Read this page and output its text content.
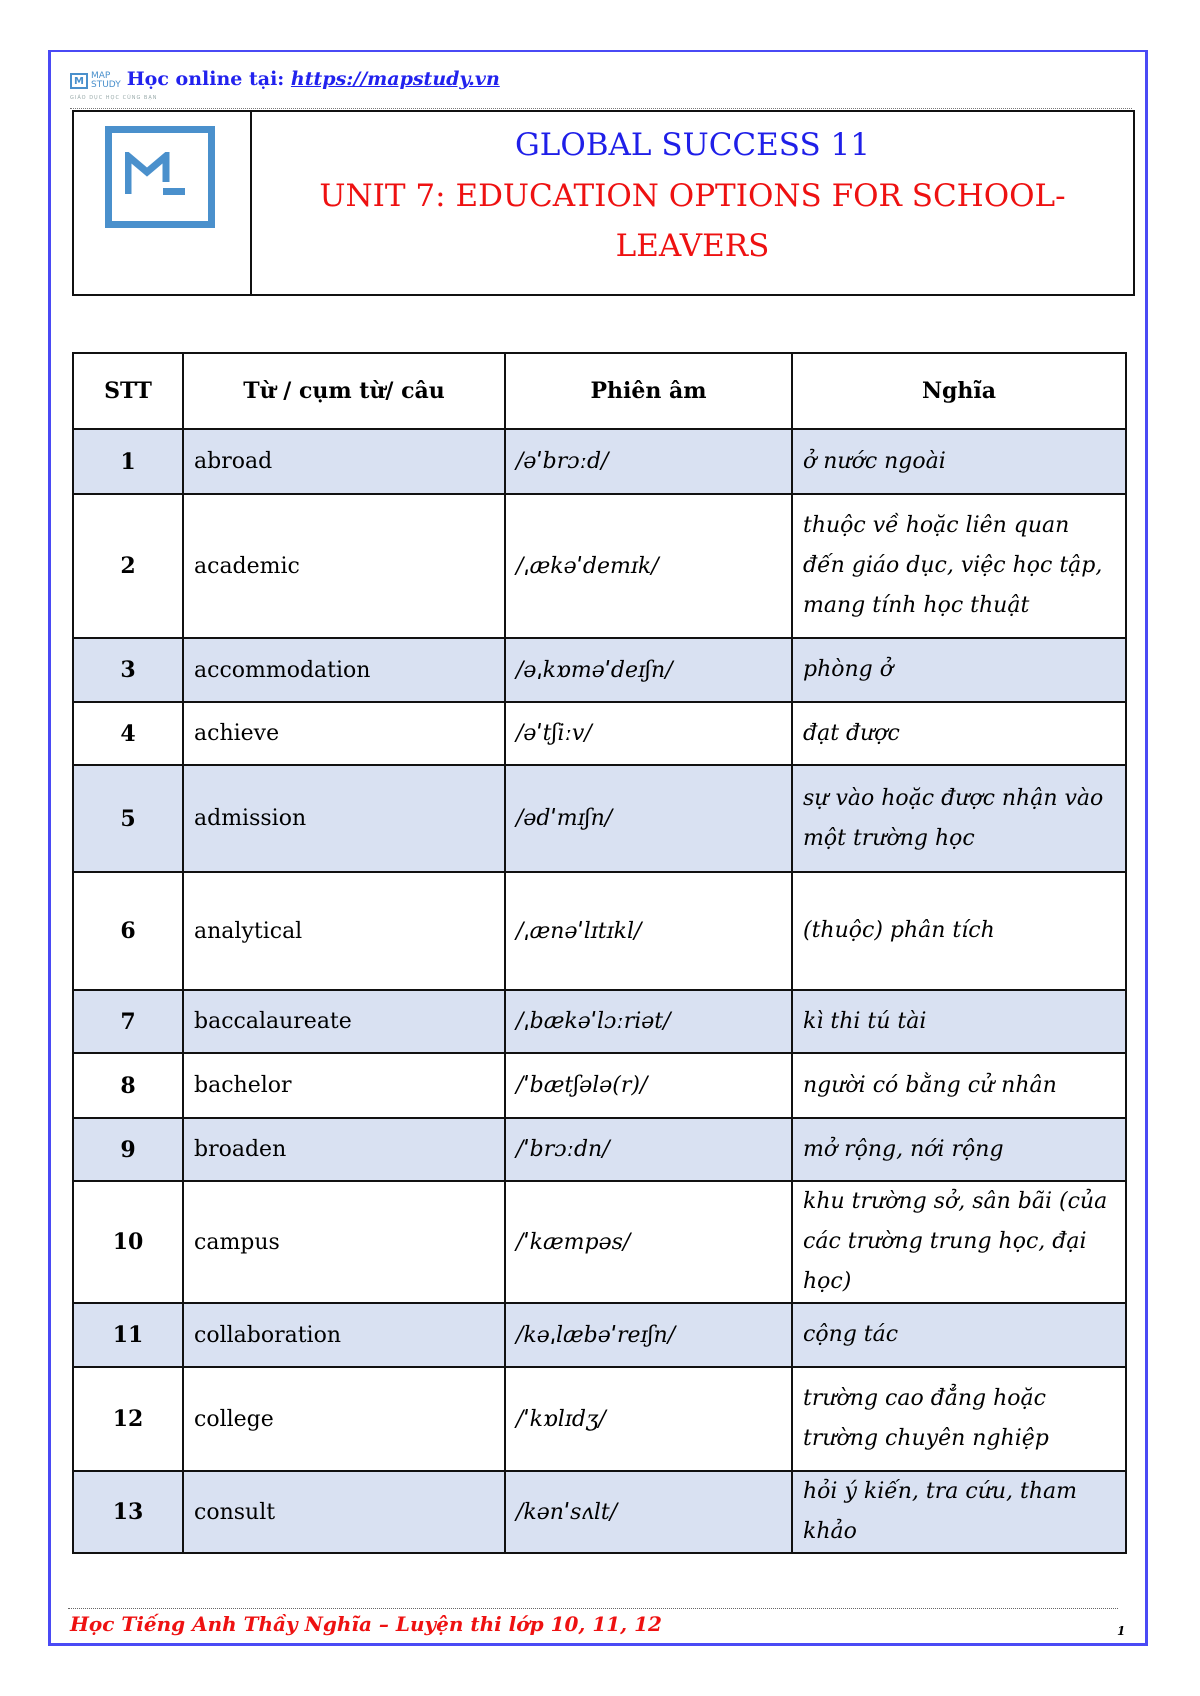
M MAP
STUDY Học online tại: https://mapstudy.vn
GIÁO DỤC HỌC CÙNG BẠN
GLOBAL SUCCESS 11
UNIT 7: EDUCATION OPTIONS FOR SCHOOL-
LEAVERS
STT	Từ / cụm từ/ câu	Phiên âm	Nghĩa
1	abroad	/əˈbrɔːd/	ở nước ngoài
2	academic	/ˌækəˈdemɪk/	thuộc về hoặc liên quan đến giáo dục, việc học tập, mang tính học thuật
3	accommodation	/əˌkɒməˈdeɪʃn/	phòng ở
4	achieve	/əˈtʃiːv/	đạt được
5	admission	/ədˈmɪʃn/	sự vào hoặc được nhận vào một trường học
6	analytical	/ˌænəˈlɪtɪkl/	(thuộc) phân tích
7	baccalaureate	/ˌbækəˈlɔːriət/	kì thi tú tài
8	bachelor	/ˈbætʃələ(r)/	người có bằng cử nhân
9	broaden	/ˈbrɔːdn/	mở rộng, nới rộng
10	campus	/ˈkæmpəs/	khu trường sở, sân bãi (của các trường trung học, đại học)
11	collaboration	/kəˌlæbəˈreɪʃn/	cộng tác
12	college	/ˈkɒlɪdʒ/	trường cao đẳng hoặc trường chuyên nghiệp
13	consult	/kənˈsʌlt/	hỏi ý kiến, tra cứu, tham khảo
Học Tiếng Anh Thầy Nghĩa – Luyện thi lớp 10, 11, 12	1
